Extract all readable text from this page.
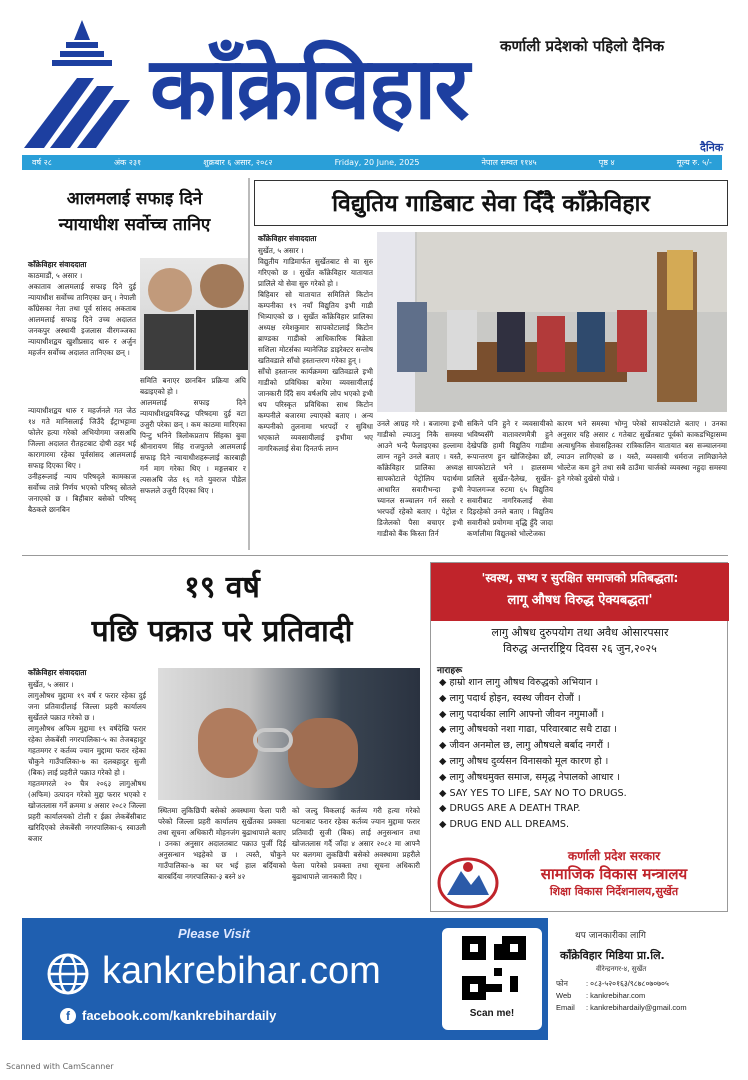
कर्णाली प्रदेशको पहिलो दैनिक
काँक्रेविहार
दैनिक
वर्ष २८	अंक २३१	शुक्रबार ६ असार, २०८२	Friday, 20 June, 2025	नेपाल सम्वत ११४५	पृष्ठ ४	मूल्य रु. ५/-
आलमलाई सफाइ दिने
न्यायाधीश सर्वोच्च तानिए
काँक्रेविहार संवाददाता
काठमाडौं, ५ असार ।
अकाताव आलमलाई सफाइ दिने दुई न्यायाधीश सर्वोच्च तानिएका छन् । नेपाली काँग्रेसका नेता तथा पूर्व सांसद अकताब आलमलाई सफाइ दिने उच्च अदालत जनकपुर अस्थायी इजलास वीरगञ्जका न्यायाधीशद्वय खुशीप्रसाद थारु र अर्जुन महर्जन सर्वोच्च अदालत तानिएका छन् ।
न्यायाधीशद्वय थारु र महर्जनले गत जेठ १४ गते मानिसलाई जिउँदै ईंट्राभट्टामा फोलेर हत्या गरेको अभियोगमा जसअघि जिल्ला अदालत रौतहटबाट दोषी ठहर भई कारागारमा रहेका पूर्वसांसद आलमलाई सफाइ दिएका थिए ।
उनीहरूलाई न्याय परिषद्ले कामकाज सर्वोच्च तान्ने निर्णय भएको परिषद् स्रोतले जनाएको छ । बिहीबार बसेको परिषद् बैठकले छानबिन
समिति बनाएर छानबिन प्रक्रिया अघि बढाइएको हो ।
आलमलाई सफाइ दिने न्यायाधीशद्वयविरुद्ध परिषदमा दुई वटा उजुरी परेका छन् । कम काठमा मारिएका पिन्टु भनिने त्रिलोकप्रताप सिंहका बुवा श्रीनारायण सिंह राजपुतले आलमलाई सफाइ दिने न्यायाधीशहरूलाई कारबाही गर्न माग गरेका थिए । मङ्गलबार र त्यसअघि जेठ १६ गते युवराज पौडेल सफलले उजुरी दिएका थिए ।
विद्युतिय गाडिबाट सेवा दिँदै काँक्रेविहार
काँक्रेविहार संवाददाता
सुर्खेत, ५ असार ।
विद्युतीय गाडिमार्फत सुर्खेतबाट से वा सुरु गरिएको छ । सुर्खेत काँक्रेविहार यातायात प्रालिले यो सेवा सुरु गरेको हो ।
बिहिवार सो यातायात समितिले किटोन कम्पनीका १९ नयाँ विद्युतिय इभी गाडी भित्र्याएको छ । सुर्खेत काँक्रेविहार प्रालिका अध्यक्ष रमेशकुमार सापकोटालाई किटोन ब्राण्डका गाडीको आधिकारिक बिक्रेता सशिला मोटर्सका म्यानेजिङ डाइरेक्टर सन्तोष खतिवडाले साँचो हस्तान्तरण गरेका हुन् ।
साँचो हस्तान्तर कार्यक्रममा खतिवडाले इभी गाडीको प्रविधिका बारेमा व्यवसायीलाई जानकारी दिँदै सय वर्षअघि लोप भएको इभी थप परिस्कृत प्रविधिका साथ किटोन कम्पनीले बजारमा ल्याएको बताए । अन्य कम्पनीको तुलनामा भरपर्दो र सुविधा भएकाले व्यवसायीलाई इभीमा भए नागरिकलाई सेवा दिनतर्फ लाग्न
उनले आग्रह गरे । बजारमा इभी गाडीको ल्याउनु निकै समस्या आउने भन्दै फैलाइएका हल्लामा लाग्न नहुने उनले बताए । यस्तै, काँक्रेविहार प्रालिका अध्यक्ष सापकोटाले पेट्रोलिय पदार्थमा आधारित सवारीभन्दा इभी च्यानल सञ्चालन गर्न सस्तो र भरपर्दो रहेको बताए । पेट्रोल र डिजेलको पैसा बचाएर इभी गाडीको बैंक किस्ता तिर्न
सकिने पनि हुने र व्यवसायीको भविष्यसँगै वातावरणमैत्री हुने देखेपछि हामी विद्युतिय गाडीमा रूपान्तरण हुन खोजिरहेका छौं, सापकोटाले भने । हालसम्म प्रालिले सुर्खेत-दैलेख, सुर्खेत-नेपालगञ्ज रुटमा ६५ विद्युतिय सवारीबाट नागरिकलाई सेवा दिइरहेको उनले बताए । विद्युतिय सवारीको प्रयोगमा वृद्धि हुँदै जादा कर्णालीमा विद्युतको भोल्टेजका
कारण भने समस्या भोग्नु परेको सापकोटाले बताए । उनका अनुसार यहि असार ८ गतेबाट सुर्खेतबाट पूर्वको काकडभिट्टासम्म अत्याधुनिक सेवासहितका रात्रिकालिन यातायात बस सञ्चालनमा ल्याउन लागिएको छ । यस्तै, व्यवसायी धर्मराज लामिछानेले भोल्टेज कम हुने तथा सबै ठाउँमा चार्जको व्यवस्था नहुदा समस्या हुने गरेको दुखेसो पोखे ।
१९ वर्ष
पछि पक्राउ परे प्रतिवादी
काँक्रेविहार संवाददाता
सुर्खेत, ५ असार ।
लागुऔषध मुद्दामा १९ वर्ष र फरार रहेका दुई जना प्रतिवादीलाई जिल्ला प्रहरी कार्यालय सुर्खेतले पक्राउ गरेको छ ।
लागुऔषध अफिम मुद्दामा १९ वर्षदेखि फरार रहेका लेकबेंसी नगरपालिका-५ का तेजबहादुर गहतमगर र कर्तव्य ज्यान मुद्दामा फरार रहेका चौकुने गाउँपालिका-७ का दलबहादुर सुजी (बिक) लाई प्रहरीले पक्राउ गरेको हो ।
गहतमगरले २० चैत्र २०६३ लागुऔषध (अफिम) उत्पादन गरेको मुद्दा फरार भएको र खोजतलास गर्ने क्रममा ४ असार २०८२ जिल्ला प्रहरी कार्यालयको टोली र ईक्रा लेकबेंसीबाट खरिदिएको लेकबेंसी नगरपालिका-६ स्वाउली बजार
स्थितमा लुकिछिपी बसेको अवस्थामा फेला पारी परेको जिल्ला प्रहरी कार्यालय सुर्खेतका प्रवक्ता तथा सूचना अधिकारी मोहनजंग बुढाथापाले बताए । उनका अनुसार अदालतबाट पक्राउ पुर्जी दिई अनुसन्धान भइहेको छ । त्यस्तै, चौकुने गाउँपालिका-७ का घर भई हाल बर्दियाको बारबर्दिया नगरपालिका-३ बस्ने ४२
को जल्दु विकलाई कर्तव्य गरी हत्या गरेको घटनाबाट फरार रहेका कर्तव्य ज्यान मुद्दामा फरार प्रतिवादी सुजी (बिक) लाई अनुसन्धान तथा खोजतलास गर्दै जाँदा ४ असार २०८२ मा आफ्नै घर बलगमा लुकछिपी बसेको अवस्थामा प्रहरीले फेला पारेको प्रवक्ता तथा सूचना अधिकारी बुढाथापाले जानकारी दिए ।
'स्वस्थ, सभ्य र सुरक्षित समाजको प्रतिबद्धता:
लागू औषध विरुद्ध ऐक्यबद्धता'
लागु औषध दुरुपयोग तथा अवैध ओसारपसार
विरुद्ध अन्तर्राष्ट्रिय दिवस २६ जुन,२०२५
नाराहरू
◆ हाम्रो शान लागु औषध विरुद्धको अभियान ।
◆ लागु पदार्थ होइन, स्वस्थ जीवन रोजौं ।
◆ लागु पदार्थका लागि आफ्नो जीवन नगुमाऔं ।
◆ लागु औषधको नशा गाढा, परिवारबाट सधै टाढा ।
◆ जीवन अनमोल छ, लागु औषधले बर्बाद नगरौं ।
◆ लागु औषध दुर्व्यसन विनासको मूल कारण हो ।
◆ लागु औषधमुक्त समाज, समृद्ध नेपालको आधार ।
◆ SAY YES TO LIFE, SAY NO TO DRUGS.
◆ DRUGS ARE A DEATH TRAP.
◆ DRUG END ALL DREAMS.
कर्णाली प्रदेश सरकार
सामाजिक विकास मन्त्रालय
शिक्षा विकास निर्देशनालय,सुर्खेत
Please Visit
kankrebihar.com
f facebook.com/kankrebihardaily	Scan me!
थप जानकारीका लागि
काँक्रेविहार मिडिया प्रा.लि.
वीरेन्द्रनगर-४, सुर्खेत
फोन : ०८३-५२०१६३/९८७८०७०७०५
Web : kankrebihar.com
Email : kankrebihardaily@gmail.com
Scanned with CamScanner
